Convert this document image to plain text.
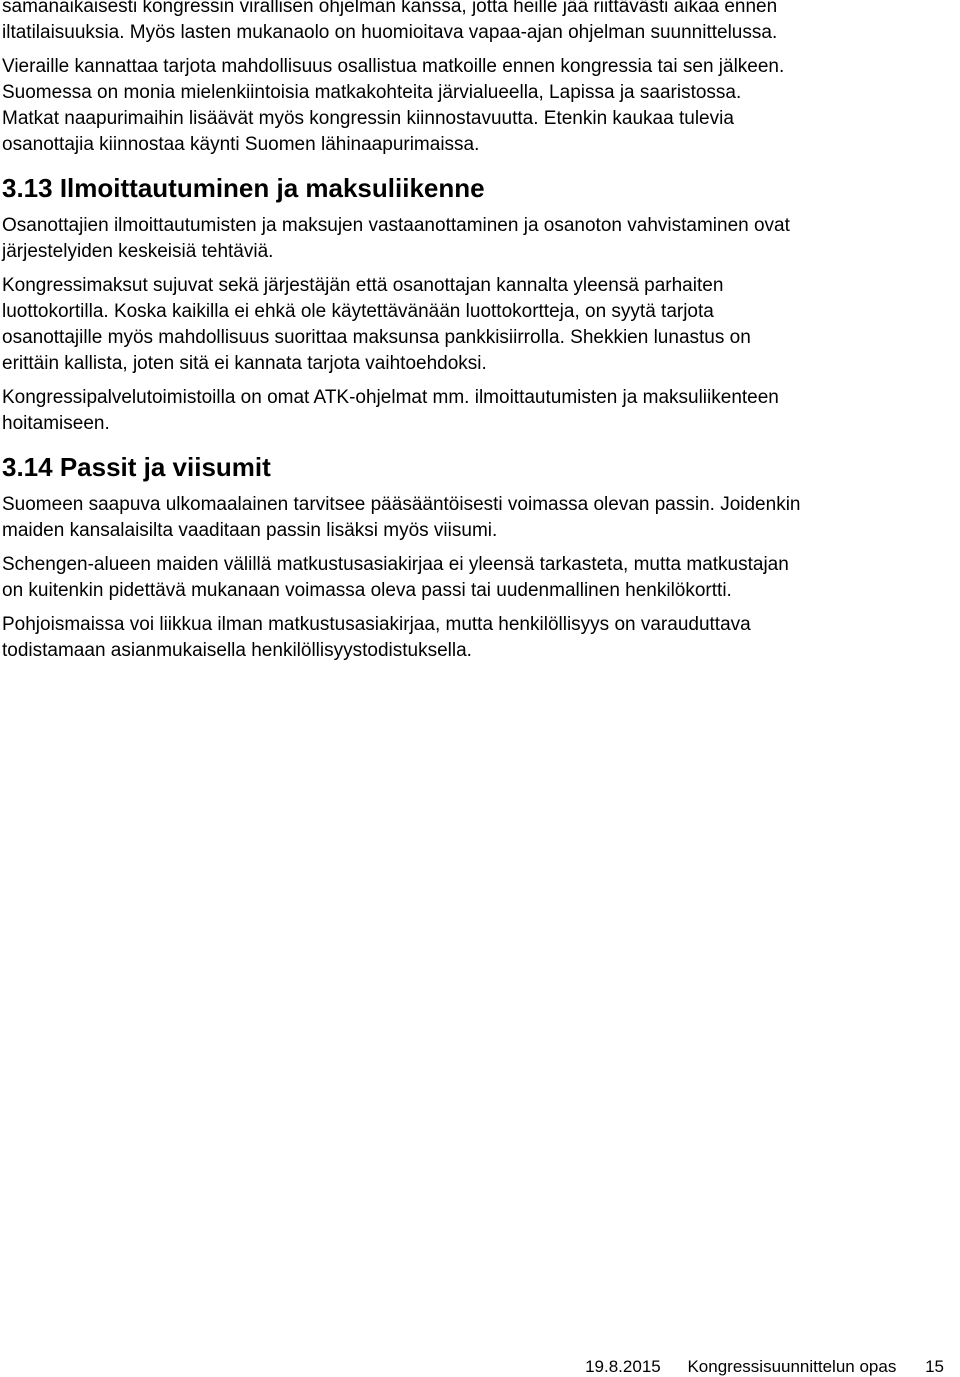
samanaikaisesti kongressin virallisen ohjelman kanssa, jotta heille jää riittävästi aikaa ennen
iltatilaisuuksia. Myös lasten mukanaolo on huomioitava vapaa-ajan ohjelman suunnittelussa.

Vieraille kannattaa tarjota mahdollisuus osallistua matkoille ennen kongressia tai sen jälkeen.
Suomessa on monia mielenkiintoisia matkakohteita järvialueella, Lapissa ja saaristossa.
Matkat naapurimaihin lisäävät myös kongressin kiinnostavuutta. Etenkin kaukaa tulevia
osanottajia kiinnostaa käynti Suomen lähinaapurimaissa.

3.13 Ilmoittautuminen ja maksuliikenne

Osanottajien ilmoittautumisten ja maksujen vastaanottaminen ja osanoton vahvistaminen ovat
järjestelyiden keskeisiä tehtäviä.

Kongressimaksut sujuvat sekä järjestäjän että osanottajan kannalta yleensä parhaiten
luottokortilla. Koska kaikilla ei ehkä ole käytettävänään luottokortteja, on syytä tarjota
osanottajille myös mahdollisuus suorittaa maksunsa pankkisiirrolla. Shekkien lunastus on
erittäin kallista, joten sitä ei kannata tarjota vaihtoehdoksi.

Kongressipalvelutoimistoilla on omat ATK-ohjelmat mm. ilmoittautumisten ja maksuliikenteen
hoitamiseen.

3.14 Passit ja viisumit

Suomeen saapuva ulkomaalainen tarvitsee pääsääntöisesti voimassa olevan passin. Joidenkin
maiden kansalaisilta vaaditaan passin lisäksi myös viisumi.

Schengen-alueen maiden välillä matkustusasiakirjaa ei yleensä tarkasteta, mutta matkustajan
on kuitenkin pidettävä mukanaan voimassa oleva passi tai uudenmallinen henkilökortti.

Pohjoismaissa voi liikkua ilman matkustusasiakirjaa, mutta henkilöllisyys on varauduttava
todistamaan asianmukaisella henkilöllisyystodistuksella.

19.8.2015 Kongressisuunnittelun opas 15
